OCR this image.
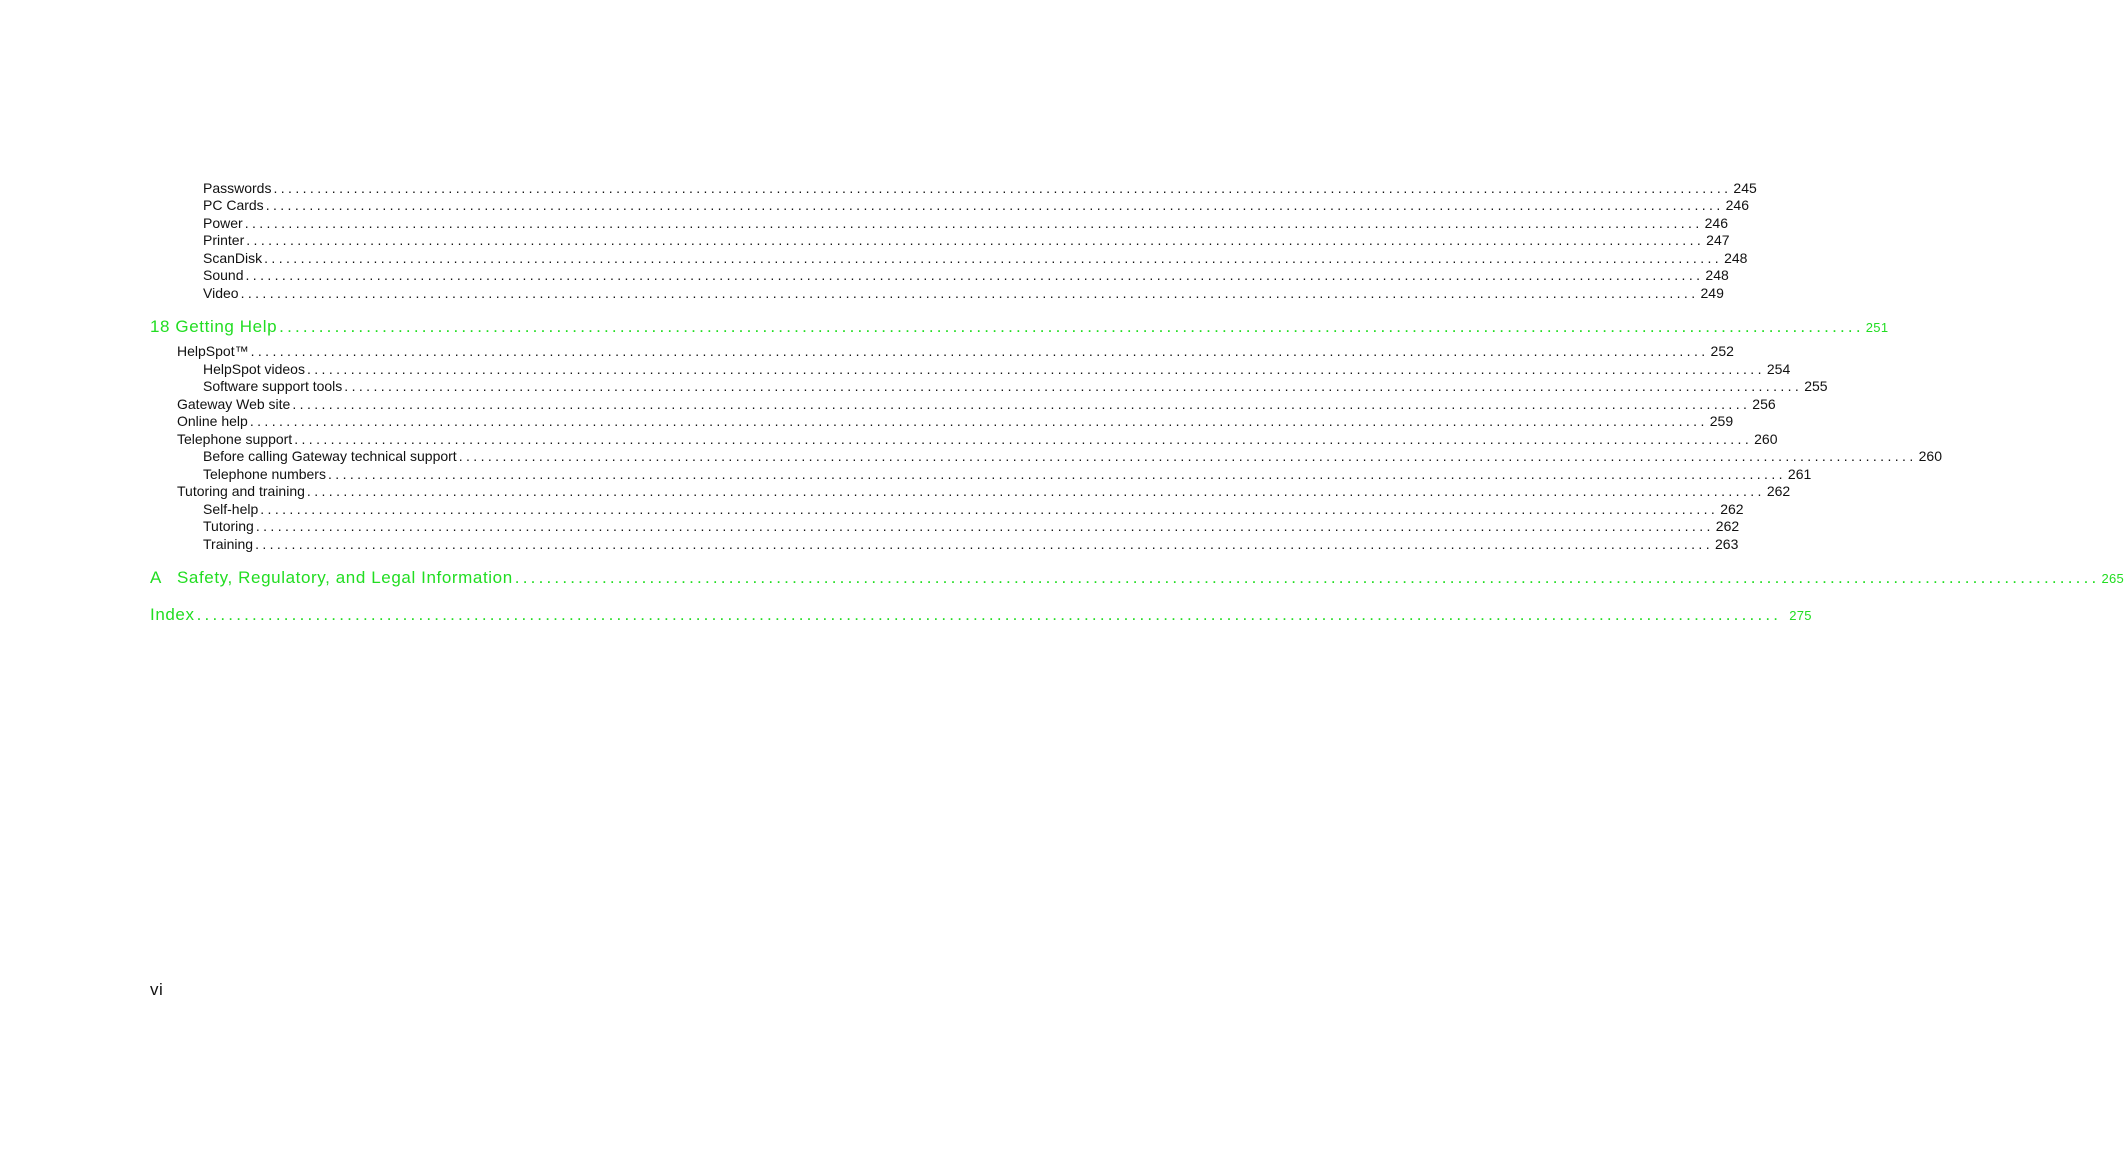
Passwords ........................................................................................................................................................................................................ 245
PC Cards ........................................................................................................................................................................................................ 246
Power ........................................................................................................................................................................................................ 246
Printer ........................................................................................................................................................................................................ 247
ScanDisk ........................................................................................................................................................................................................ 248
Sound ........................................................................................................................................................................................................ 248
Video ........................................................................................................................................................................................................ 249
18 Getting Help ........................................................................................................................................................................................................ 251
HelpSpot™ ........................................................................................................................................................................................................ 252
HelpSpot videos ........................................................................................................................................................................................................ 254
Software support tools ........................................................................................................................................................................................................ 255
Gateway Web site ........................................................................................................................................................................................................ 256
Online help ........................................................................................................................................................................................................ 259
Telephone support ........................................................................................................................................................................................................ 260
Before calling Gateway technical support ........................................................................................................................................................................................................ 260
Telephone numbers ........................................................................................................................................................................................................ 261
Tutoring and training ........................................................................................................................................................................................................ 262
Self-help ........................................................................................................................................................................................................ 262
Tutoring ........................................................................................................................................................................................................ 262
Training ........................................................................................................................................................................................................ 263
A   Safety, Regulatory, and Legal Information ........................................................................................................................................................................................................ 265
Index ........................................................................................................................................................................................................ 275
vi
